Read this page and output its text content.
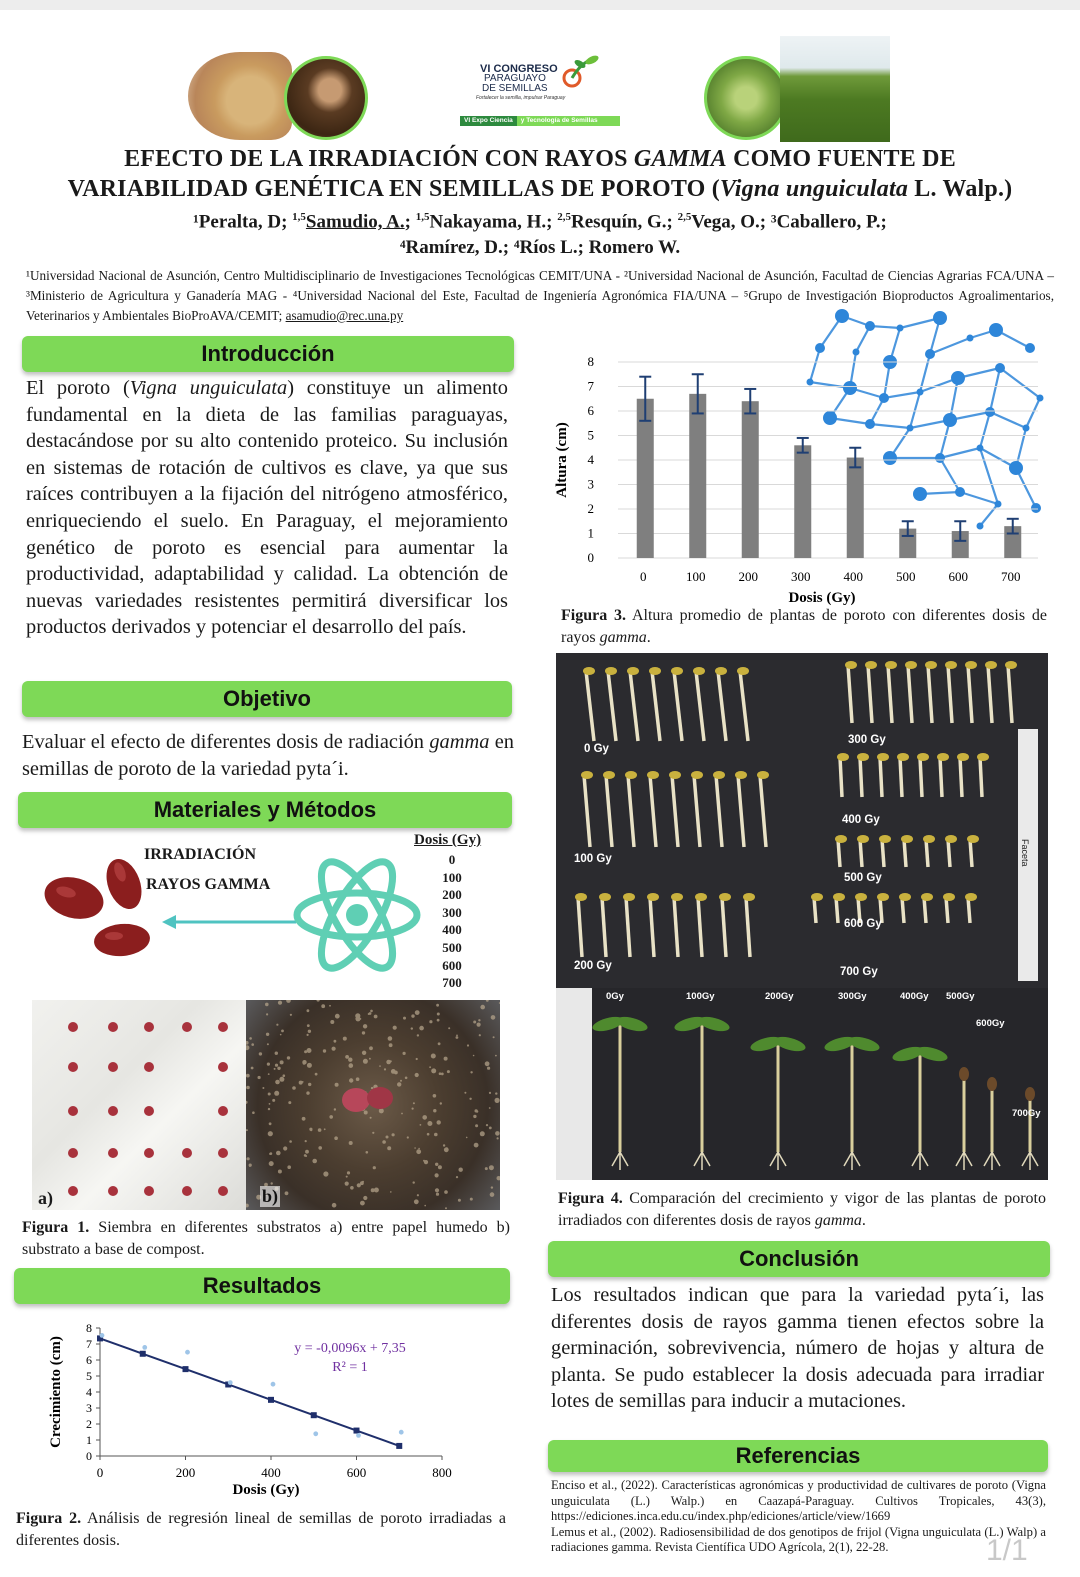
VI CONGRESO
PARAGUAYO
DE SEMILLAS
Fortalecer la semilla, impulsar Paraguay
VI Expo Ciencia	y Tecnología de Semillas
EFECTO DE LA IRRADIACIÓN CON RAYOS GAMMA COMO FUENTE DE
VARIABILIDAD GENÉTICA EN SEMILLAS DE POROTO (Vigna unguiculata L. Walp.)
¹Peralta, D; $^{1,5}$Samudio, A.; $^{1,5}$Nakayama, H.; $^{2,5}$Resquín, G.; $^{2,5}$Vega, O.; ³Caballero, P.;
⁴Ramírez, D.; ⁴Ríos L.; Romero W.
¹Universidad Nacional de Asunción, Centro Multidisciplinario de Investigaciones Tecnológicas CEMIT/UNA - ²Universidad Nacional de Asunción, Facultad de Ciencias Agrarias FCA/UNA – ³Ministerio de Agricultura y Ganadería MAG - ⁴Universidad Nacional del Este, Facultad de Ingeniería Agronómica FIA/UNA – ⁵Grupo de Investigación Bioproductos Agroalimentarios, Veterinarios y Ambientales BioProAVA/CEMIT; asamudio@rec.una.py
Introducción
El poroto (Vigna unguiculata) constituye un alimento fundamental en la dieta de las familias paraguayas, destacándose por su alto contenido proteico. Su inclusión en sistemas de rotación de cultivos es clave, ya que sus raíces contribuyen a la fijación del nitrógeno atmosférico, enriqueciendo el suelo. En Paraguay, el mejoramiento genético de poroto es esencial para aumentar la productividad, adaptabilidad y calidad. La obtención de nuevas variedades resistentes permitirá diversificar los productos derivados y potenciar el desarrollo del país.
Objetivo
Evaluar el efecto de diferentes dosis de radiación gamma en semillas de poroto de la variedad pyta´i.
Materiales y Métodos
IRRADIACIÓN
RAYOS GAMMA
Dosis (Gy)
0
100
200
300
400
500
600
700
a)	b)
Figura 1. Siembra en diferentes substratos a) entre papel humedo b) substrato a base de compost.
Resultados
0
1
2
3
4
5
6
7
8
0	200	400	600	800
y = -0,0096x + 7,35
R² = 1
Dosis (Gy)
Crecimiento (cm)
Figura 2. Análisis de regresión lineal de semillas de poroto irradiadas a diferentes dosis.
0
1
2
3
4
5
6
7
8
0	100	200	300	400	500	600	700
Dosis (Gy)
Altura (cm)
Figura 3. Altura promedio de plantas de poroto con diferentes dosis de rayos gamma.
Faceta
0 Gy
100 Gy
200 Gy
300 Gy
400 Gy
500 Gy
600 Gy
700 Gy
0Gy	100Gy	200Gy	300Gy	400Gy 500Gy
600Gy
700Gy
Figura 4. Comparación del crecimiento y vigor de las plantas de poroto irradiados con diferentes dosis de rayos gamma.
Conclusión
Los resultados indican que para la variedad pyta´i, las diferentes dosis de rayos gamma tienen efectos sobre la germinación, sobrevivencia, número de hojas y altura de planta. Se pudo establecer la dosis adecuada para irradiar lotes de semillas para inducir a mutaciones.
Referencias
Enciso et al., (2022). Características agronómicas y productividad de cultivares de poroto (Vigna unguiculata (L.) Walp.) en Caazapá-Paraguay. Cultivos Tropicales, 43(3), https://ediciones.inca.edu.cu/index.php/ediciones/article/view/1669
Lemus et al., (2002). Radiosensibilidad de dos genotipos de frijol (Vigna unguiculata (L.) Walp) a radiaciones gamma. Revista Científica UDO Agrícola, 2(1), 22-28.	1/1
